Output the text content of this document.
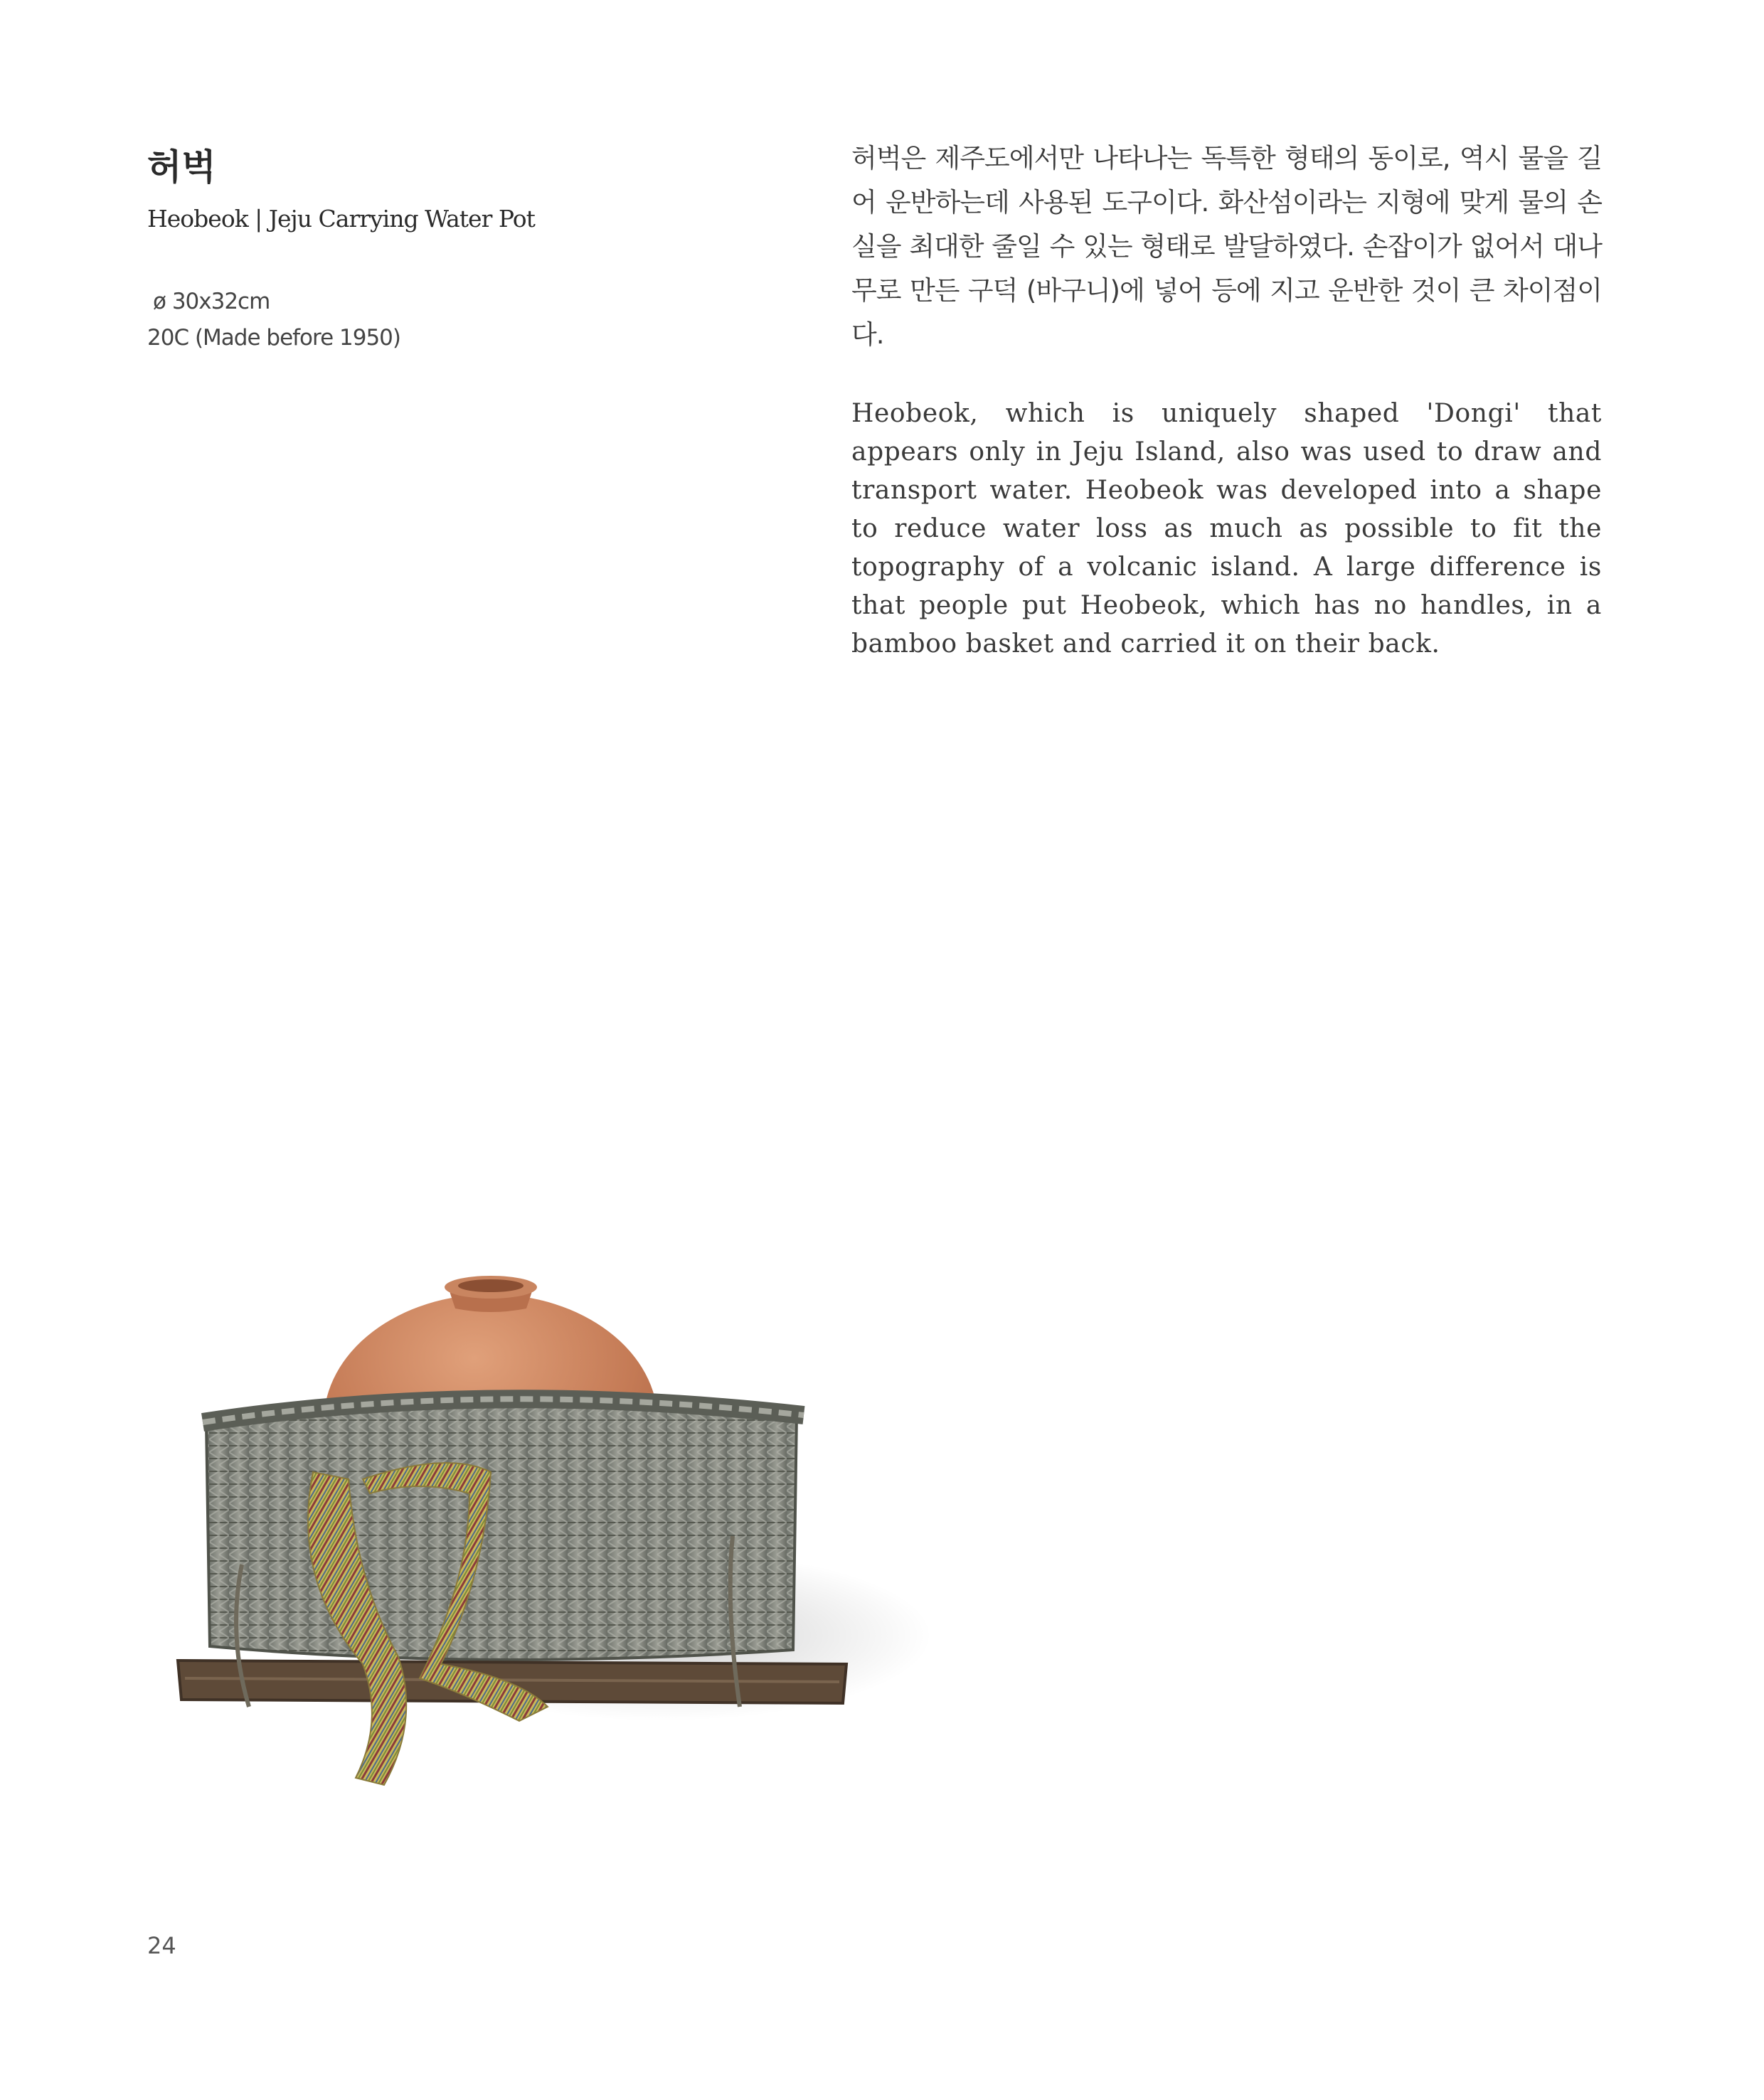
허벅

Heobeok | Jeju Carrying Water Pot

ø 30x32cm

20C (Made before 1950)

허벅은 제주도에서만 나타나는 독특한 형태의 동이로, 역시 물을 길어 운반하는데 사용된 도구이다. 화산섬이라는 지형에 맞게 물의 손실을 최대한 줄일 수 있는 형태로 발달하였다. 손잡이가 없어서 대나무로 만든 구덕 (바구니)에 넣어 등에 지고 운반한 것이 큰 차이점이다.

Heobeok, which is uniquely shaped 'Dongi' that appears only in Jeju Island, also was used to draw and transport water. Heobeok was developed into a shape to reduce water loss as much as possible to fit the topography of a volcanic island. A large difference is that people put Heobeok, which has no handles, in a bamboo basket and carried it on their back.

24
